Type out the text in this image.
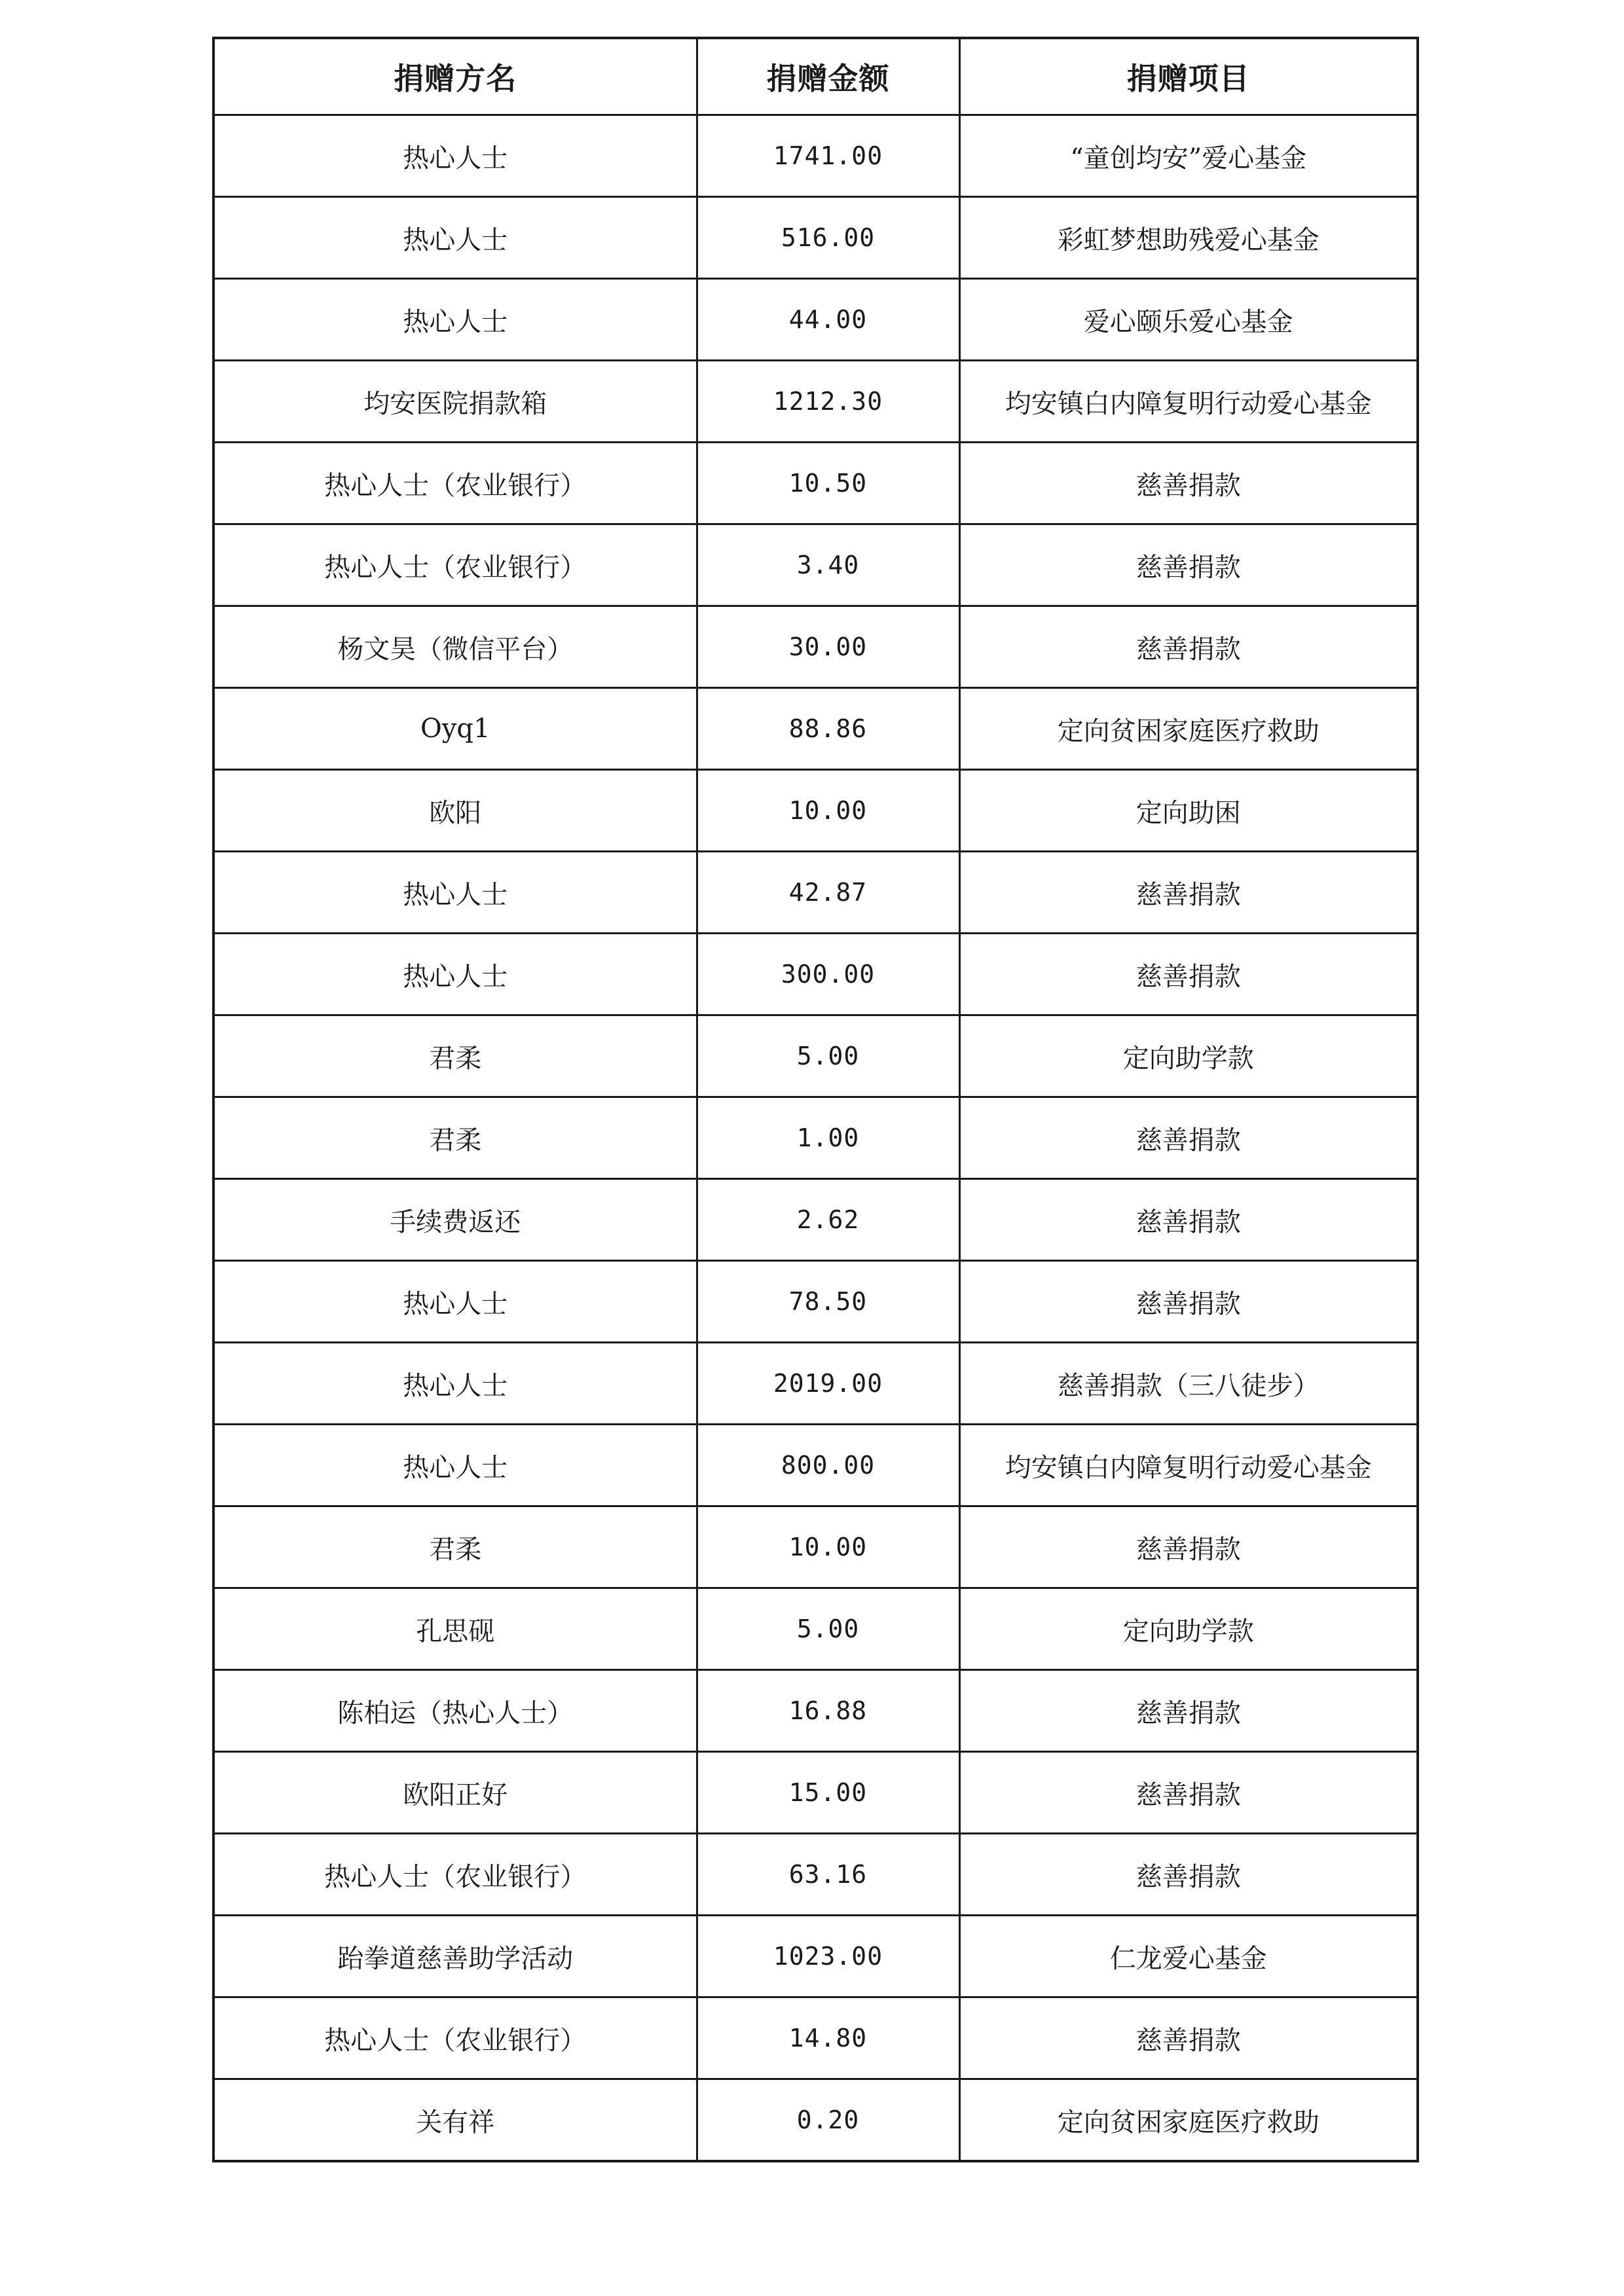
捐赠方名	捐赠金额	捐赠项目
热心人士	1741.00	“童创均安”爱心基金
热心人士	516.00	彩虹梦想助残爱心基金
热心人士	44.00	爱心颐乐爱心基金
均安医院捐款箱	1212.30	均安镇白内障复明行动爱心基金
热心人士（农业银行）	10.50	慈善捐款
热心人士（农业银行）	3.40	慈善捐款
杨文昊（微信平台）	30.00	慈善捐款
Oyq1	88.86	定向贫困家庭医疗救助
欧阳	10.00	定向助困
热心人士	42.87	慈善捐款
热心人士	300.00	慈善捐款
君柔	5.00	定向助学款
君柔	1.00	慈善捐款
手续费返还	2.62	慈善捐款
热心人士	78.50	慈善捐款
热心人士	2019.00	慈善捐款（三八徒步）
热心人士	800.00	均安镇白内障复明行动爱心基金
君柔	10.00	慈善捐款
孔思砚	5.00	定向助学款
陈柏运（热心人士）	16.88	慈善捐款
欧阳正好	15.00	慈善捐款
热心人士（农业银行）	63.16	慈善捐款
跆拳道慈善助学活动	1023.00	仁龙爱心基金
热心人士（农业银行）	14.80	慈善捐款
关有祥	0.20	定向贫困家庭医疗救助
